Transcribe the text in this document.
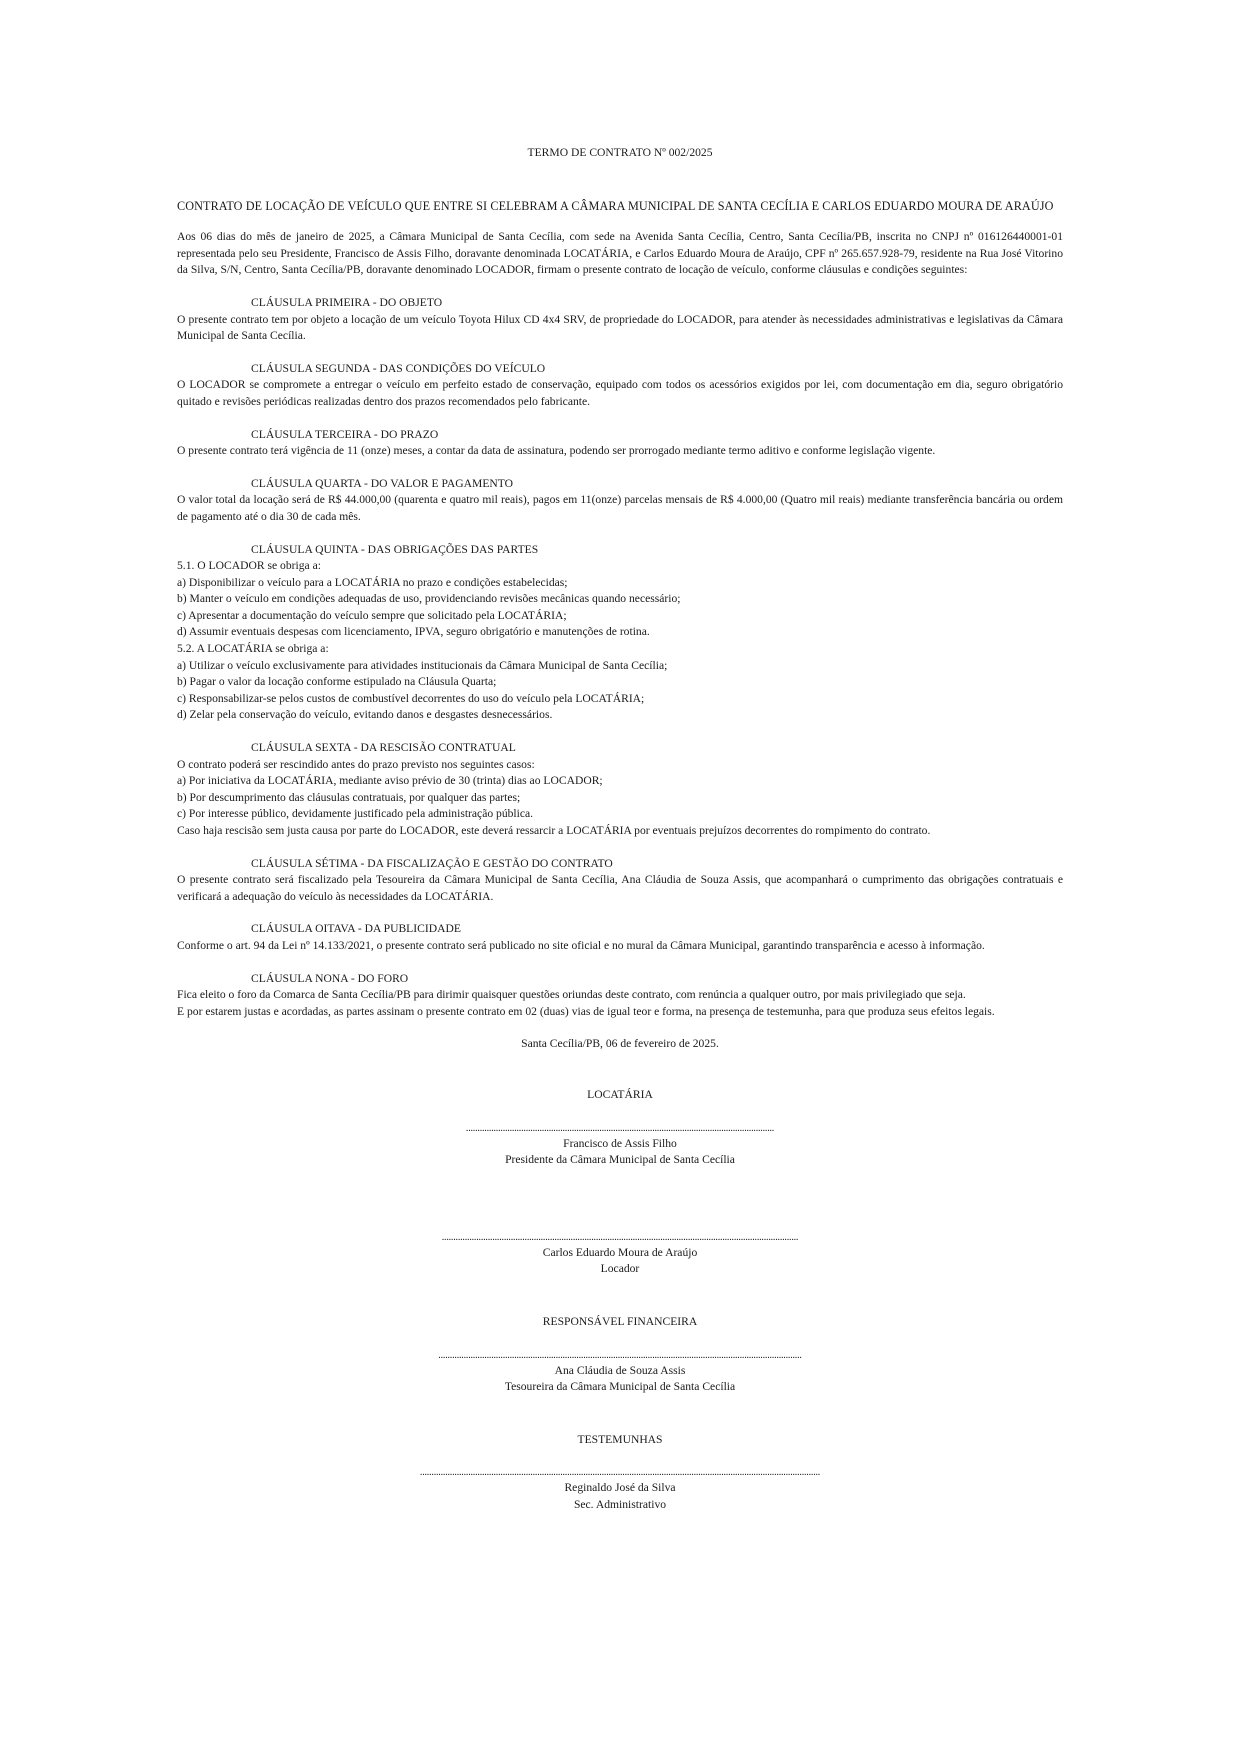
TERMO DE CONTRATO Nº 002/2025

CONTRATO DE LOCAÇÃO DE VEÍCULO QUE ENTRE SI CELEBRAM A CÂMARA MUNICIPAL DE SANTA CECÍLIA E CARLOS EDUARDO MOURA DE ARAÚJO
Aos 06 dias do mês de janeiro de 2025, a Câmara Municipal de Santa Cecília, com sede na Avenida Santa Cecília, Centro, Santa Cecília/PB, inscrita no CNPJ nº 016126440001-01 representada pelo seu Presidente, Francisco de Assis Filho, doravante denominada LOCATÁRIA, e Carlos Eduardo Moura de Araújo, CPF nº 265.657.928-79, residente na Rua José Vitorino da Silva, S/N, Centro, Santa Cecília/PB, doravante denominado LOCADOR, firmam o presente contrato de locação de veículo, conforme cláusulas e condições seguintes:
CLÁUSULA PRIMEIRA - DO OBJETO
O presente contrato tem por objeto a locação de um veículo Toyota Hilux CD 4x4 SRV, de propriedade do LOCADOR, para atender às necessidades administrativas e legislativas da Câmara Municipal de Santa Cecília.
CLÁUSULA SEGUNDA - DAS CONDIÇÕES DO VEÍCULO
O LOCADOR se compromete a entregar o veículo em perfeito estado de conservação, equipado com todos os acessórios exigidos por lei, com documentação em dia, seguro obrigatório quitado e revisões periódicas realizadas dentro dos prazos recomendados pelo fabricante.
CLÁUSULA TERCEIRA - DO PRAZO
O presente contrato terá vigência de 11 (onze) meses, a contar da data de assinatura, podendo ser prorrogado mediante termo aditivo e conforme legislação vigente.
CLÁUSULA QUARTA - DO VALOR E PAGAMENTO
O valor total da locação será de R$ 44.000,00 (quarenta e quatro mil reais), pagos em 11(onze) parcelas mensais de R$ 4.000,00 (Quatro mil reais) mediante transferência bancária ou ordem de pagamento até o dia 30 de cada mês.
CLÁUSULA QUINTA - DAS OBRIGAÇÕES DAS PARTES
5.1. O LOCADOR se obriga a:
a) Disponibilizar o veículo para a LOCATÁRIA no prazo e condições estabelecidas;
b) Manter o veículo em condições adequadas de uso, providenciando revisões mecânicas quando necessário;
c) Apresentar a documentação do veículo sempre que solicitado pela LOCATÁRIA;
d) Assumir eventuais despesas com licenciamento, IPVA, seguro obrigatório e manutenções de rotina.
5.2. A LOCATÁRIA se obriga a:
a) Utilizar o veículo exclusivamente para atividades institucionais da Câmara Municipal de Santa Cecília;
b) Pagar o valor da locação conforme estipulado na Cláusula Quarta;
c) Responsabilizar-se pelos custos de combustível decorrentes do uso do veículo pela LOCATÁRIA;
d) Zelar pela conservação do veículo, evitando danos e desgastes desnecessários.
CLÁUSULA SEXTA - DA RESCISÃO CONTRATUAL
O contrato poderá ser rescindido antes do prazo previsto nos seguintes casos:
a) Por iniciativa da LOCATÁRIA, mediante aviso prévio de 30 (trinta) dias ao LOCADOR;
b) Por descumprimento das cláusulas contratuais, por qualquer das partes;
c) Por interesse público, devidamente justificado pela administração pública.
Caso haja rescisão sem justa causa por parte do LOCADOR, este deverá ressarcir a LOCATÁRIA por eventuais prejuízos decorrentes do rompimento do contrato.
CLÁUSULA SÉTIMA - DA FISCALIZAÇÃO E GESTÃO DO CONTRATO
O presente contrato será fiscalizado pela Tesoureira da Câmara Municipal de Santa Cecília, Ana Cláudia de Souza Assis, que acompanhará o cumprimento das obrigações contratuais e verificará a adequação do veículo às necessidades da LOCATÁRIA.
CLÁUSULA OITAVA - DA PUBLICIDADE
Conforme o art. 94 da Lei nº 14.133/2021, o presente contrato será publicado no site oficial e no mural da Câmara Municipal, garantindo transparência e acesso à informação.
CLÁUSULA NONA - DO FORO
Fica eleito o foro da Comarca de Santa Cecília/PB para dirimir quaisquer questões oriundas deste contrato, com renúncia a qualquer outro, por mais privilegiado que seja.
E por estarem justas e acordadas, as partes assinam o presente contrato em 02 (duas) vias de igual teor e forma, na presença de testemunha, para que produza seus efeitos legais.
Santa Cecília/PB, 06 de fevereiro de 2025.
LOCATÁRIA
......................................................................................................................................
Francisco de Assis Filho
Presidente da Câmara Municipal de Santa Cecília
...........................................................................................................................................................
Carlos Eduardo Moura de Araújo
Locador
RESPONSÁVEL FINANCEIRA
..............................................................................................................................................................
Ana Cláudia de Souza Assis
Tesoureira da Câmara Municipal de Santa Cecília
TESTEMUNHAS
..............................................................................................................................................................................
Reginaldo José da Silva
Sec. Administrativo
